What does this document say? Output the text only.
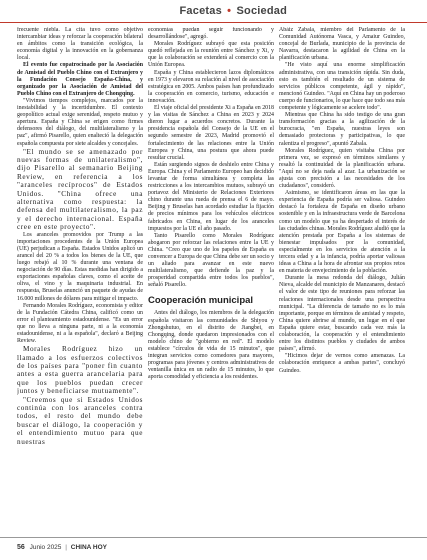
Facetas • Sociedad

frecuente niebla. La cita tuvo como objetivo intercambiar ideas y reforzar la cooperación bilateral en ámbitos como la transición ecológica, la economía digital y la innovación en la gobernanza local.

El evento fue copatrocinado por la Asociación de Amistad del Pueblo Chino con el Extranjero y la Fundación Consejo España-China, y organizado por la Asociación de Amistad del Pueblo Chino con el Extranjero de Chongqing.

"Vivimos tiempos complejos, marcados por la inestabilidad y la incertidumbre. El contexto geopolítico actual exige serenidad, respeto mutuo y apertura. España y China se erigen como firmes defensores del diálogo, del multilateralismo y la paz", afirmó Pisarello, quien enalteció la delegación española compuesta por siete alcaldes y concejales.

"El mundo se se amenazado por nuevas formas de unilateralismo", dijo Pisarello al semanario Beijing Review, en referencia a los "aranceles recíprocos" de Estados Unidos. "China ofrece una alternativa como respuesta: la defensa del multilateralismo, la paz y el derecho internacional. España cree en este proyecto".

Los aranceles promovidos por Trump a las importaciones procedentes de la Unión Europea (UE) perjudican a España. Estados Unidos aplicó un arancel del 20 % a todos los bienes de la UE, que luego rebajó al 10 % durante una ventana de negociación de 90 días. Estas medidas han dirigido a exportaciones españolas claves, como el aceite de oliva, el vino y la maquinaria industrial. En respuesta, Bruselas anunció un paquete de ayudas de 16.000 millones de dólares para mitigar el impacto.

Fernando Morales Rodríguez, economista y editor de la Fundación Cátedra China, calificó como un error el planteamiento estadounidense. "Es un error que no lleva a ninguna parte, ni a la economía estadounidense, ni a la española", declaró a Beijing Review.

Morales Rodríguez hizo un llamado a los esfuerzos colectivos de los países para "poner fin cuanto antes a esta guerra arancelaria para que los pueblos puedan crecer juntos y beneficiarse mutuamente".

"Creemos que si Estados Unidos continúa con los aranceles contra todos, el resto del mundo debe buscar el diálogo, la cooperación y el entendimiento mutuo para que nuestras

economías puedan seguir funcionando y desarrollándose", agregó.

Morales Rodríguez subrayó que esta posición quedó reflejada en la reunión entre Sánchez y Xi, y que la colaboración se extenderá al comercio con la Unión Europea.

España y China establecieron lazos diplomáticos en 1973 y elevaron su relación al nivel de asociación estratégica en 2005. Ambos países han profundizado la cooperación en comercio, turismo, educación e innovación.

El viaje oficial del presidente Xi a España en 2018 y las visitas de Sánchez a China en 2023 y 2024 dieron lugar a acuerdos concretos. Durante la presidencia española del Consejo de la UE en el segundo semestre de 2023, Madrid promovió el fortalecimiento de las relaciones entre la Unión Europea y China, una postura que ahora puede resultar crucial.

Están surgiendo signos de deshielo entre China y Europa. China y el Parlamento Europeo han decidido levantar de forma simultánea y completa las restricciones a los intercambios mutuos, subrayó un portavoz del Ministerio de Relaciones Exteriores chino durante una rueda de prensa el 6 de mayo. Beijing y Bruselas han acordado estudiar la fijación de precios mínimos para los vehículos eléctricos fabricados en China, en lugar de los aranceles impuestos por la UE el año pasado.

Tanto Pisarello como Morales Rodríguez abogaron por reforzar las relaciones entre la UE y China. "Creo que uno de los papeles de España es convencer a Europa de que China debe ser un socio y un aliado para avanzar en este nuevo multilateralismo, que defiende la paz y la prosperidad compartida entre todos los pueblos", señaló Pisarello.

Cooperación municipal

Antes del diálogo, los miembros de la delegación española visitaron las comunidades de Shiyou y Zhongshutuo, en el distrito de Jiangbei, en Chongqing, donde quedaron impresionados con el modelo chino de "gobierno en red". El modelo establece "círculos de vida de 15 minutos", que integran servicios como comedores para mayores, programas para jóvenes y centros administrativos de ventanilla única en un radio de 15 minutos, lo que aporta comodidad y eficiencia a los residentes.

Abáiz Zabala, miembro del Parlamento de la Comunidad Autónoma Vasca, y Amaiur Guindeo, concejal de Burlada, municipio de la provincia de Navarra, destacaron la agilidad de China en la planificación urbana.

"He visto aquí una enorme simplificación administrativa, con una transición rápida. Sin duda, esto es también el resultado de un sistema de servicios públicos competente, ágil y rápido", mencionó Guindeo. "Aquí en China hay un poderoso cuerpo de funcionarios, lo que hace que todo sea más competente y lógicamente se acelere todo".

Mientras que China ha sido testigo de una gran transformación gracias a la agilización de la burocracia, "en España, nuestras leyes son demasiado protectoras y participativas, lo que ralentiza el progreso", apuntó Zabala.

Morales Rodríguez, quien visitaba China por primera vez, se expresó en términos similares y resaltó la continuidad de la planificación urbana. "Aquí no se deja nada al azar. La urbanización se ajusta con precisión a las necesidades de los ciudadanos", consideró.

Asimismo, se identificaron áreas en las que la experiencia de España podría ser valiosa. Guindeo destacó la fortaleza de España en diseño urbano sostenible y en la infraestructura verde de Barcelona como un modelo que ya ha despertado el interés de las ciudades chinas. Morales Rodríguez aludió que la atención prestada por España a los sistemas de bienestar impulsados por la comunidad, especialmente en los servicios de atención a la tercera edad y a la infancia, podría aportar valiosas ideas a China a la hora de afrontar sus propios retos en materia de envejecimiento de la población.

Durante la mesa redonda del diálogo, Julián Nieva, alcalde del municipio de Manzanares, destacó el valor de este tipo de reuniones para reforzar las relaciones internacionales desde una perspectiva municipal. "La diferencia de tamaño no es lo más importante, porque en términos de amistad y respeto, China quiere abrirse al mundo, un lugar en el que España quiere estar, buscando cada vez más la colaboración, la cooperación y el entendimiento entre los distintos pueblos y ciudades de ambos países", afirmó.

"Hicimos dejar de vernos como amenazas. La colaboración enriquece a ambas partes", concluyó Guindeo.

56 Junio 2025 | CHINA HOY
